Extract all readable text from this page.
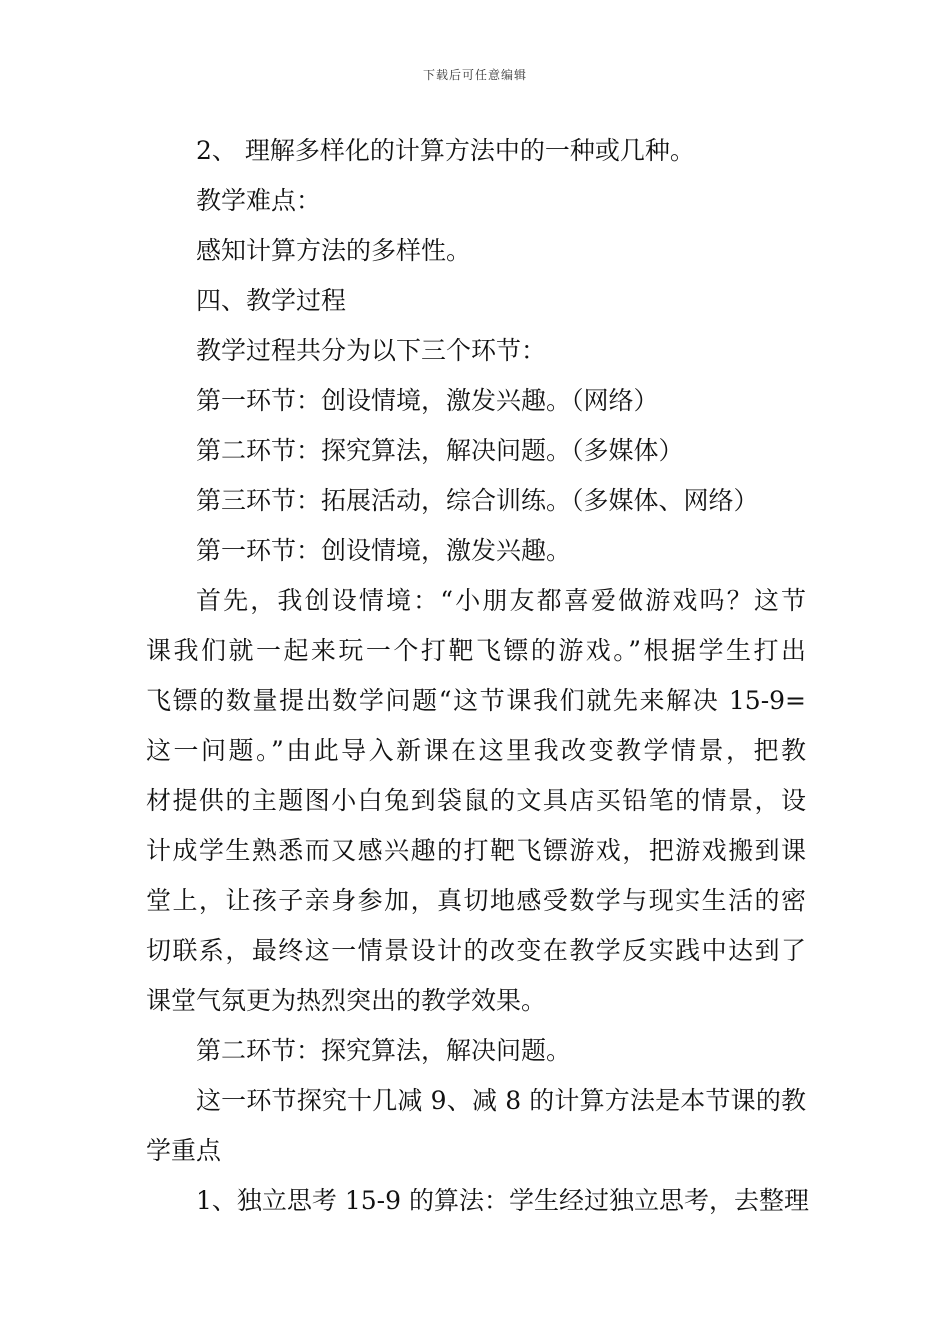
下载后可任意编辑
2、 理解多样化的计算方法中的一种或几种。
教学难点：
感知计算方法的多样性。
四、教学过程
教学过程共分为以下三个环节：
第一环节：创设情境，激发兴趣。（网络）
第二环节：探究算法，解决问题。（多媒体）
第三环节：拓展活动，综合训练。（多媒体、网络）
第一环节：创设情境，激发兴趣。
首先，我创设情境：“小朋友都喜爱做游戏吗？这节
课我们就一起来玩一个打靶飞镖的游戏。”根据学生打出
飞镖的数量提出数学问题“这节课我们就先来解决 15-9=
这一问题。”由此导入新课在这里我改变教学情景，把教
材提供的主题图小白兔到袋鼠的文具店买铅笔的情景，设
计成学生熟悉而又感兴趣的打靶飞镖游戏，把游戏搬到课
堂上，让孩子亲身参加，真切地感受数学与现实生活的密
切联系，最终这一情景设计的改变在教学反实践中达到了
课堂气氛更为热烈突出的教学效果。
第二环节：探究算法，解决问题。
这一环节探究十几减 9、减 8 的计算方法是本节课的教
学重点
1、独立思考 15-9 的算法：学生经过独立思考，去整理
